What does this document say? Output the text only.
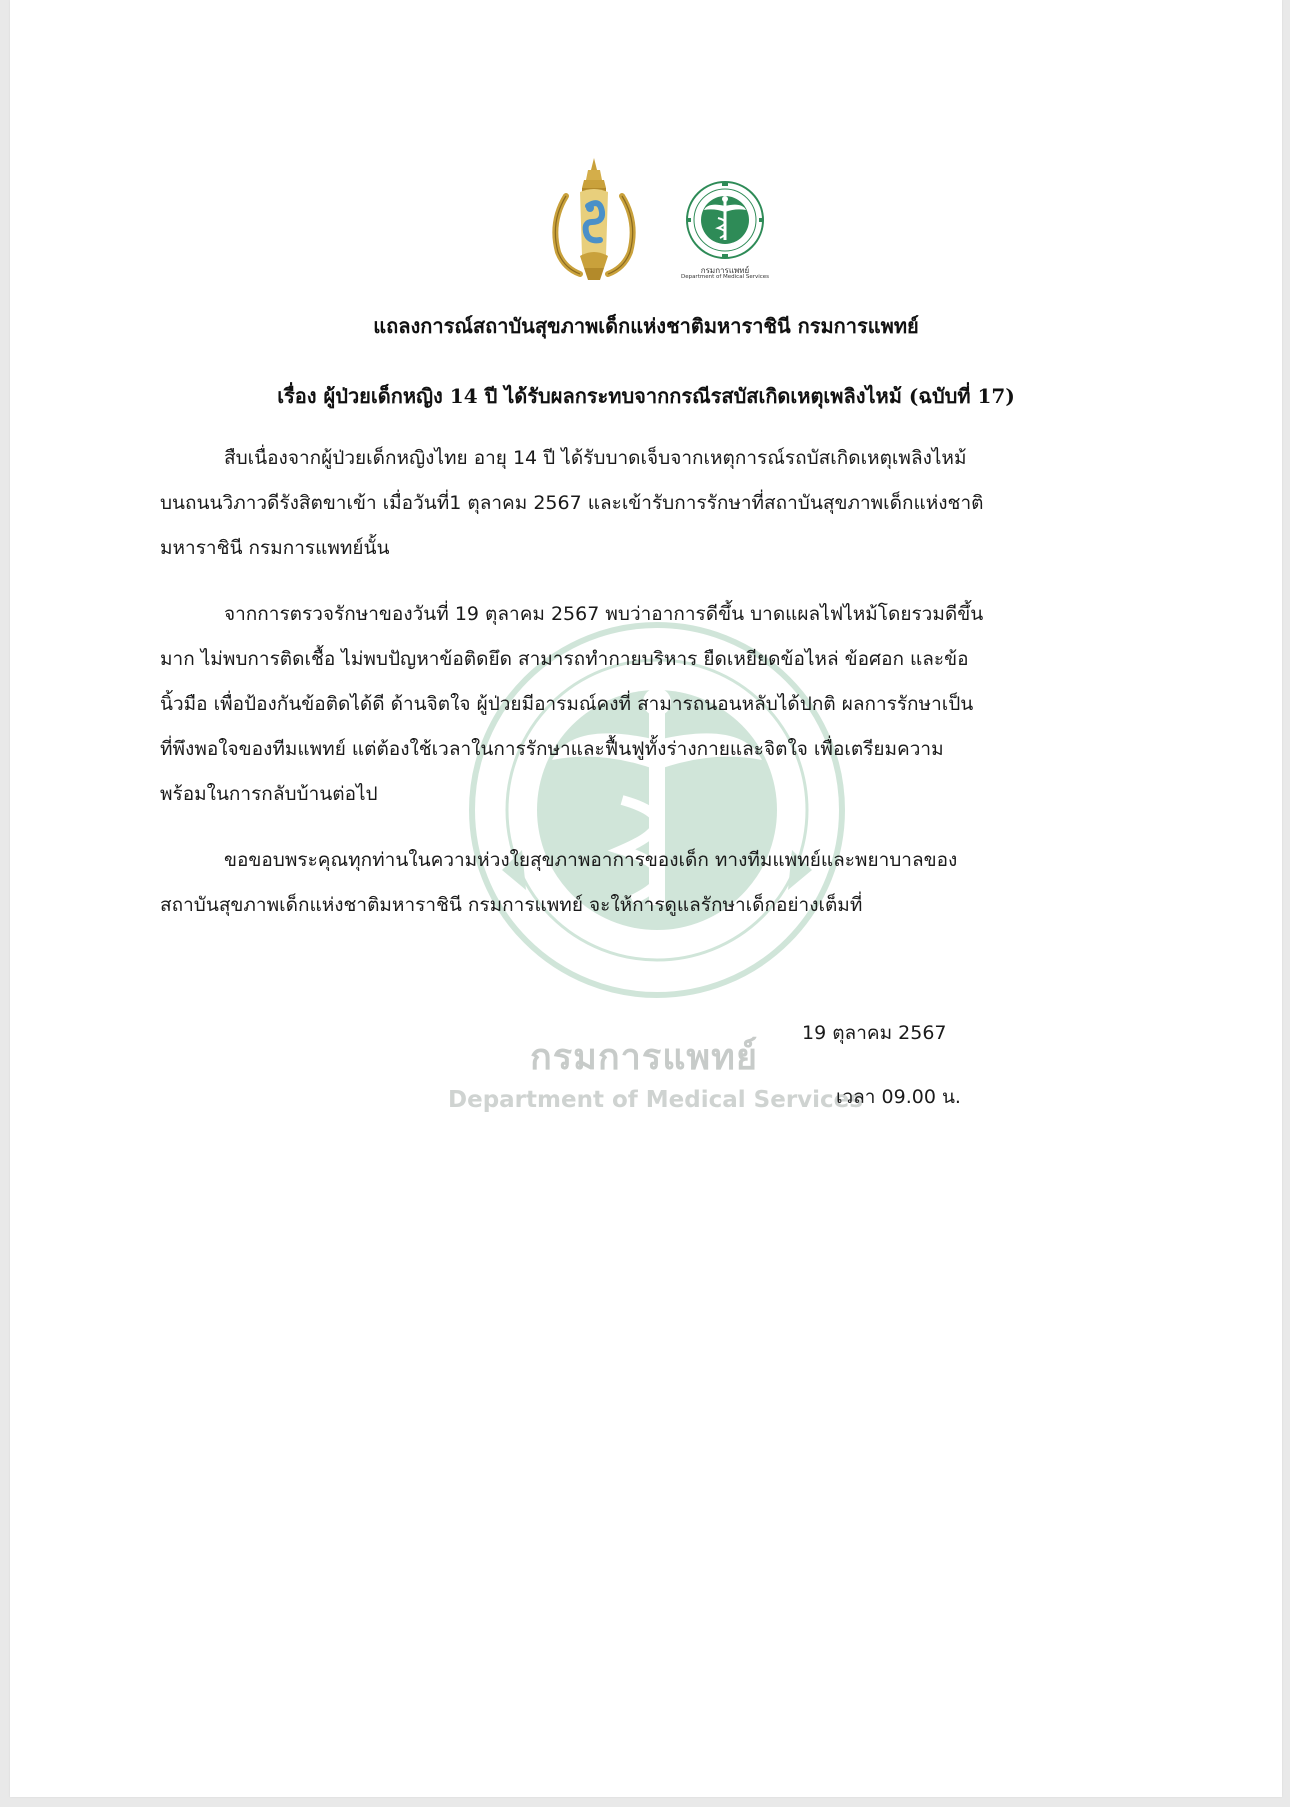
กรมการแพทย์
Department of Medical Services
กรมการแพทย์
Department of Medical Services
แถลงการณ์สถาบันสุขภาพเด็กแห่งชาติมหาราชินี กรมการแพทย์
เรื่อง ผู้ป่วยเด็กหญิง 14 ปี ได้รับผลกระทบจากกรณีรสบัสเกิดเหตุเพลิงไหม้ (ฉบับที่ 17)
สืบเนื่องจากผู้ป่วยเด็กหญิงไทย อายุ 14 ปี ได้รับบาดเจ็บจากเหตุการณ์รถบัสเกิดเหตุเพลิงไหม้
บนถนนวิภาวดีรังสิตขาเข้า เมื่อวันที่1 ตุลาคม 2567 และเข้ารับการรักษาที่สถาบันสุขภาพเด็กแห่งชาติ
มหาราชินี กรมการแพทย์นั้น
จากการตรวจรักษาของวันที่ 19 ตุลาคม 2567 พบว่าอาการดีขึ้น บาดแผลไฟไหม้โดยรวมดีขึ้น
มาก ไม่พบการติดเชื้อ ไม่พบปัญหาข้อติดยึด สามารถทำกายบริหาร ยืดเหยียดข้อไหล่ ข้อศอก และข้อ
นิ้วมือ เพื่อป้องกันข้อติดได้ดี ด้านจิตใจ ผู้ป่วยมีอารมณ์คงที่ สามารถนอนหลับได้ปกติ ผลการรักษาเป็น
ที่พึงพอใจของทีมแพทย์ แต่ต้องใช้เวลาในการรักษาและฟื้นฟูทั้งร่างกายและจิตใจ เพื่อเตรียมความ
พร้อมในการกลับบ้านต่อไป
ขอขอบพระคุณทุกท่านในความห่วงใยสุขภาพอาการของเด็ก ทางทีมแพทย์และพยาบาลของ
สถาบันสุขภาพเด็กแห่งชาติมหาราชินี กรมการแพทย์ จะให้การดูแลรักษาเด็กอย่างเต็มที่
19 ตุลาคม 2567
เวลา 09.00 น.
